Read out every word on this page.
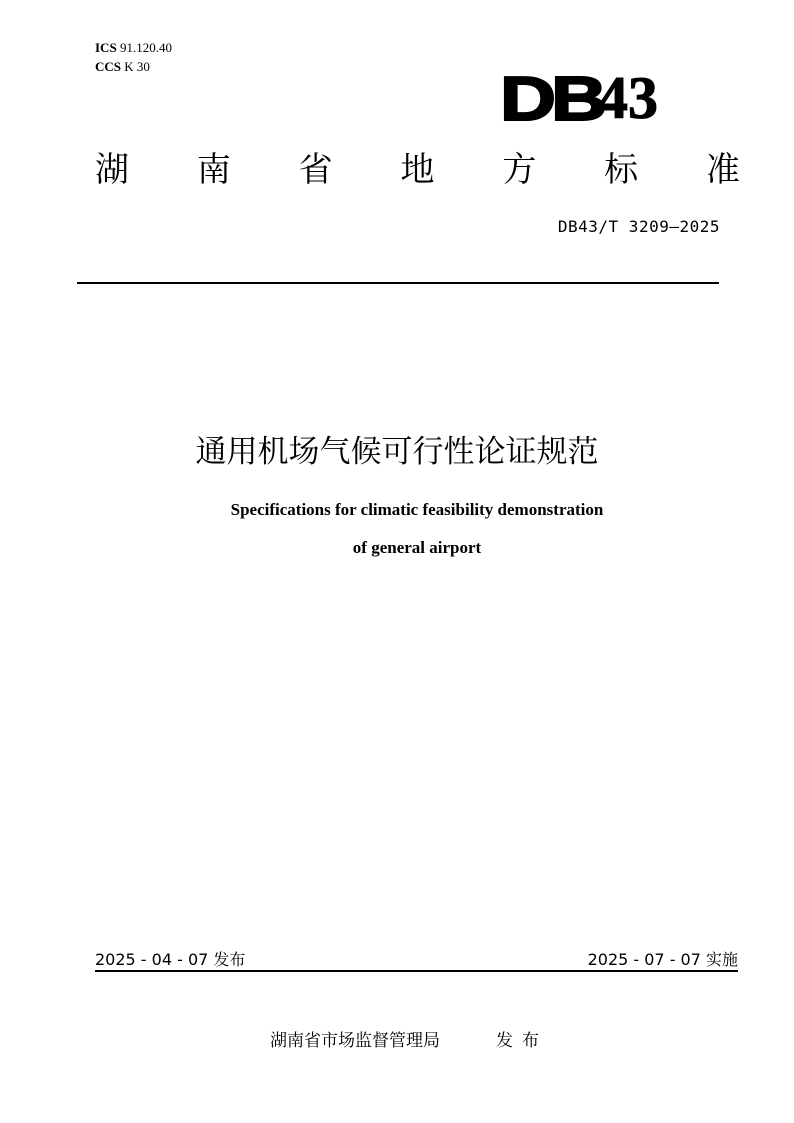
ICS 91.120.40
CCS K 30	DB
43
湖 南 省 地 方 标 准
DB43/T 3209—2025
通用机场气候可行性论证规范
Specifications for climatic feasibility demonstration
of general airport
2025 - 04 - 07 发布	2025 - 07 - 07 实施
湖南省市场监督管理局	发布
